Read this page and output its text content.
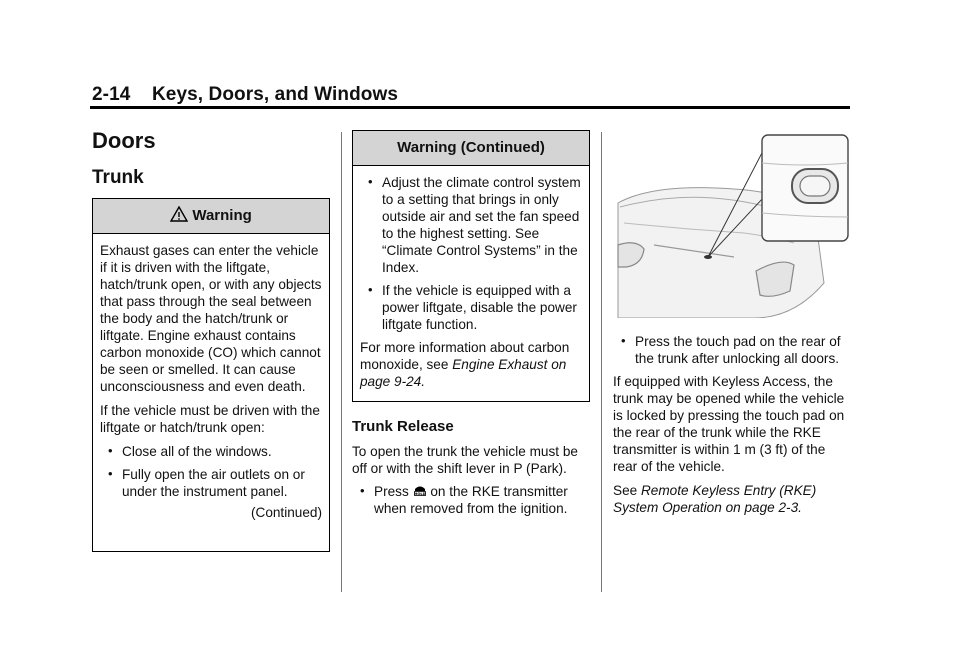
2-14 Keys, Doors, and Windows
Doors
Trunk
Warning

Exhaust gases can enter the vehicle if it is driven with the liftgate, hatch/trunk open, or with any objects that pass through the seal between the body and the hatch/trunk or liftgate. Engine exhaust contains carbon monoxide (CO) which cannot be seen or smelled. It can cause unconsciousness and even death.

If the vehicle must be driven with the liftgate or hatch/trunk open:

• Close all of the windows.
• Fully open the air outlets on or under the instrument panel.
(Continued)
Warning (Continued)
• Adjust the climate control system to a setting that brings in only outside air and set the fan speed to the highest setting. See “Climate Control Systems” in the Index.
• If the vehicle is equipped with a power liftgate, disable the power liftgate function.

For more information about carbon monoxide, see Engine Exhaust on page 9-24.

Trunk Release

To open the trunk the vehicle must be off or with the shift lever in P (Park).

• Press HOLD on the RKE transmitter when removed from the ignition.
• Press the touch pad on the rear of the trunk after unlocking all doors.

If equipped with Keyless Access, the trunk may be opened while the vehicle is locked by pressing the touch pad on the rear of the trunk while the RKE transmitter is within 1 m (3 ft) of the rear of the vehicle.

See Remote Keyless Entry (RKE) System Operation on page 2-3.
